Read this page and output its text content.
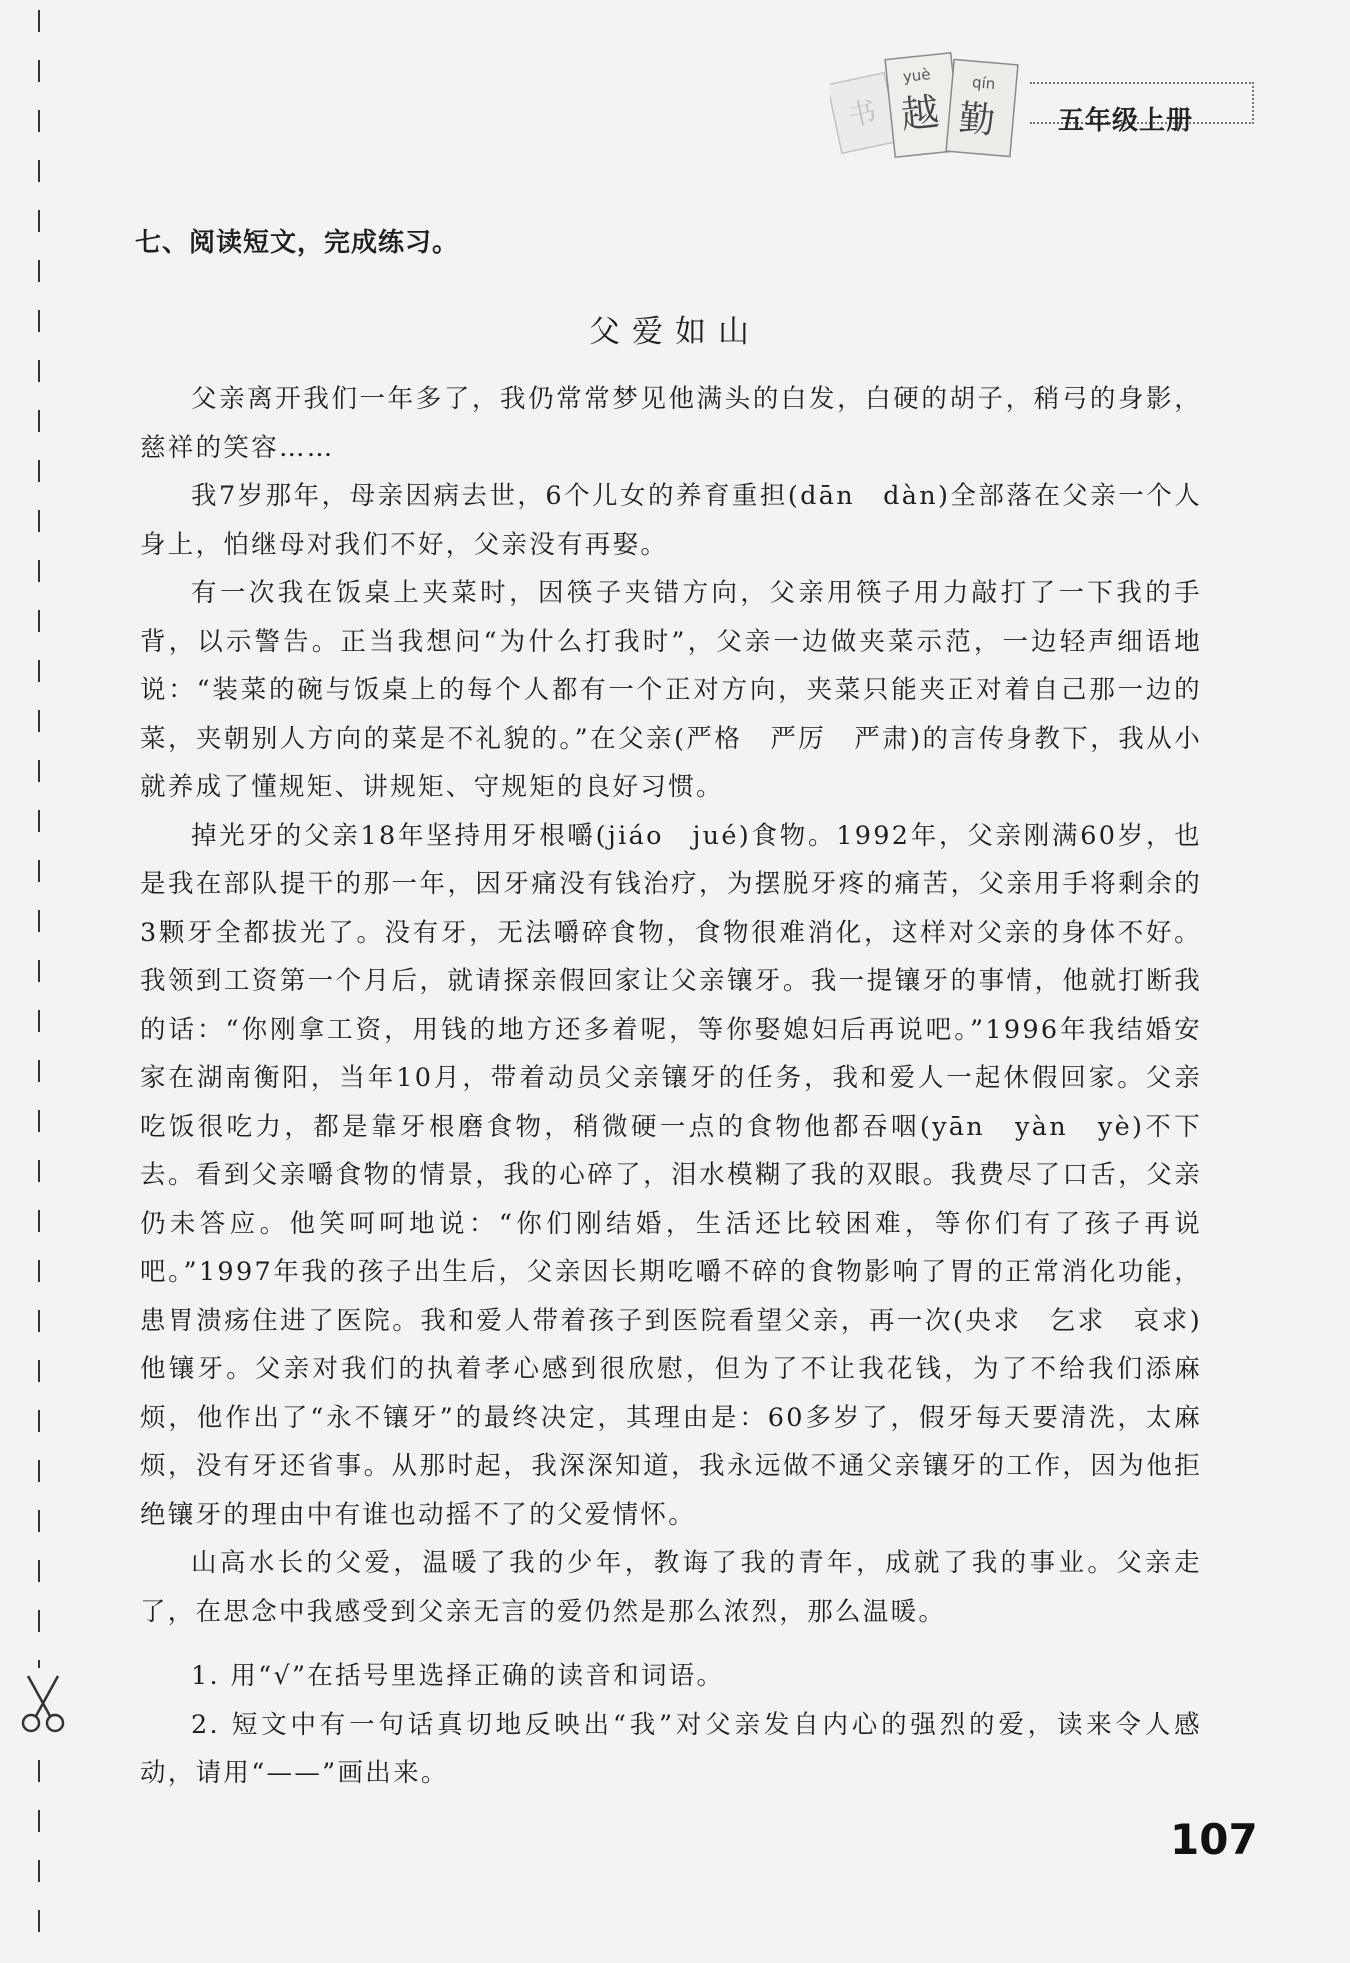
书
yuè
越
qín
勤 五年级上册
七、阅读短文，完成练习。
父爱如山

父亲离开我们一年多了，我仍常常梦见他满头的白发，白硬的胡子，稍弓的身影，慈祥的笑容……

我7岁那年，母亲因病去世，6个儿女的养育重担(dān　dàn)全部落在父亲一个人身上，怕继母对我们不好，父亲没有再娶。

有一次我在饭桌上夹菜时，因筷子夹错方向，父亲用筷子用力敲打了一下我的手背，以示警告。正当我想问“为什么打我时”，父亲一边做夹菜示范，一边轻声细语地说：“装菜的碗与饭桌上的每个人都有一个正对方向，夹菜只能夹正对着自己那一边的菜，夹朝别人方向的菜是不礼貌的。”在父亲(严格　严厉　严肃)的言传身教下，我从小就养成了懂规矩、讲规矩、守规矩的良好习惯。

掉光牙的父亲18年坚持用牙根嚼(jiáo　jué)食物。1992年，父亲刚满60岁，也是我在部队提干的那一年，因牙痛没有钱治疗，为摆脱牙疼的痛苦，父亲用手将剩余的3颗牙全都拔光了。没有牙，无法嚼碎食物，食物很难消化，这样对父亲的身体不好。我领到工资第一个月后，就请探亲假回家让父亲镶牙。我一提镶牙的事情，他就打断我的话：“你刚拿工资，用钱的地方还多着呢，等你娶媳妇后再说吧。”1996年我结婚安家在湖南衡阳，当年10月，带着动员父亲镶牙的任务，我和爱人一起休假回家。父亲吃饭很吃力，都是靠牙根磨食物，稍微硬一点的食物他都吞咽(yān　yàn　yè)不下去。看到父亲嚼食物的情景，我的心碎了，泪水模糊了我的双眼。我费尽了口舌，父亲仍未答应。他笑呵呵地说：“你们刚结婚，生活还比较困难，等你们有了孩子再说吧。”1997年我的孩子出生后，父亲因长期吃嚼不碎的食物影响了胃的正常消化功能，患胃溃疡住进了医院。我和爱人带着孩子到医院看望父亲，再一次(央求　乞求　哀求)他镶牙。父亲对我们的执着孝心感到很欣慰，但为了不让我花钱，为了不给我们添麻烦，他作出了“永不镶牙”的最终决定，其理由是：60多岁了，假牙每天要清洗，太麻烦，没有牙还省事。从那时起，我深深知道，我永远做不通父亲镶牙的工作，因为他拒绝镶牙的理由中有谁也动摇不了的父爱情怀。

山高水长的父爱，温暖了我的少年，教诲了我的青年，成就了我的事业。父亲走了，在思念中我感受到父亲无言的爱仍然是那么浓烈，那么温暖。

1. 用“√”在括号里选择正确的读音和词语。

2. 短文中有一句话真切地反映出“我”对父亲发自内心的强烈的爱，读来令人感动，请用“——”画出来。

107
